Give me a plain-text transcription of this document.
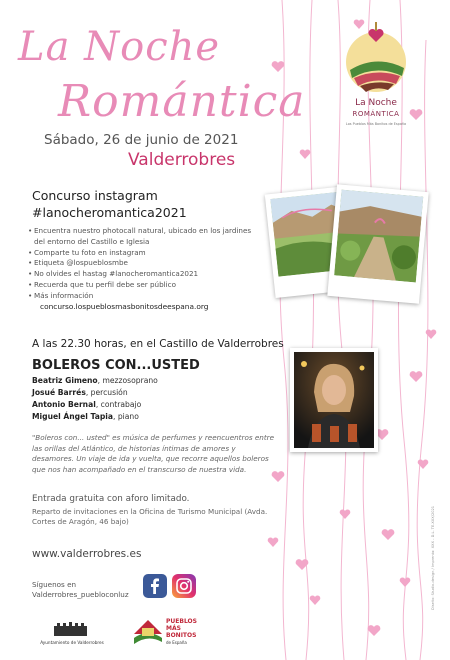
La Noche
Romántica
Sábado, 26 de junio de 2021
Valderrobres
La Noche
ROMÁNTICA
Los Pueblos Más Bonitos de España
Concurso instagram
#lanocheromantica2021
• Encuentra nuestro photocall natural, ubicado en los jardines
del entorno del Castillo e Iglesia
• Comparte tu foto en instagram
• Etiqueta @lospueblosmbe
• No olvides el hastag #lanocheromantica2021
• Recuerda que tu perfil debe ser público
• Más información
concurso.lospueblosmasbonitosdeespana.org
A las 22.30 horas, en el Castillo de Valderrobres
BOLEROS CON...USTED
Beatriz Gimeno, mezzosoprano
Josué Barrés, percusión
Antonio Bernal, contrabajo
Miguel Ángel Tapia, piano
"Boleros con... usted" es música de perfumes y reencuentros entre las orillas del Atlántico, de historias íntimas de amores y desamores. Un viaje de ida y vuelta, que recorre aquellos boleros que nos han acompañado en el transcurso de nuestra vida.
Entrada gratuita con aforo limitado.
Reparto de invitaciones en la Oficina de Turismo Municipal (Avda. Cortes de Aragón, 46 bajo)
www.valderrobres.es
Síguenos en
Valderrobres_puebloconluz
Ayuntamiento de Valderrobres
PUEBLOS
MÁS
BONITOS
de España
Diseño: Studio-design / Imprenta: XXX - D.L. TE-XXX/2021
